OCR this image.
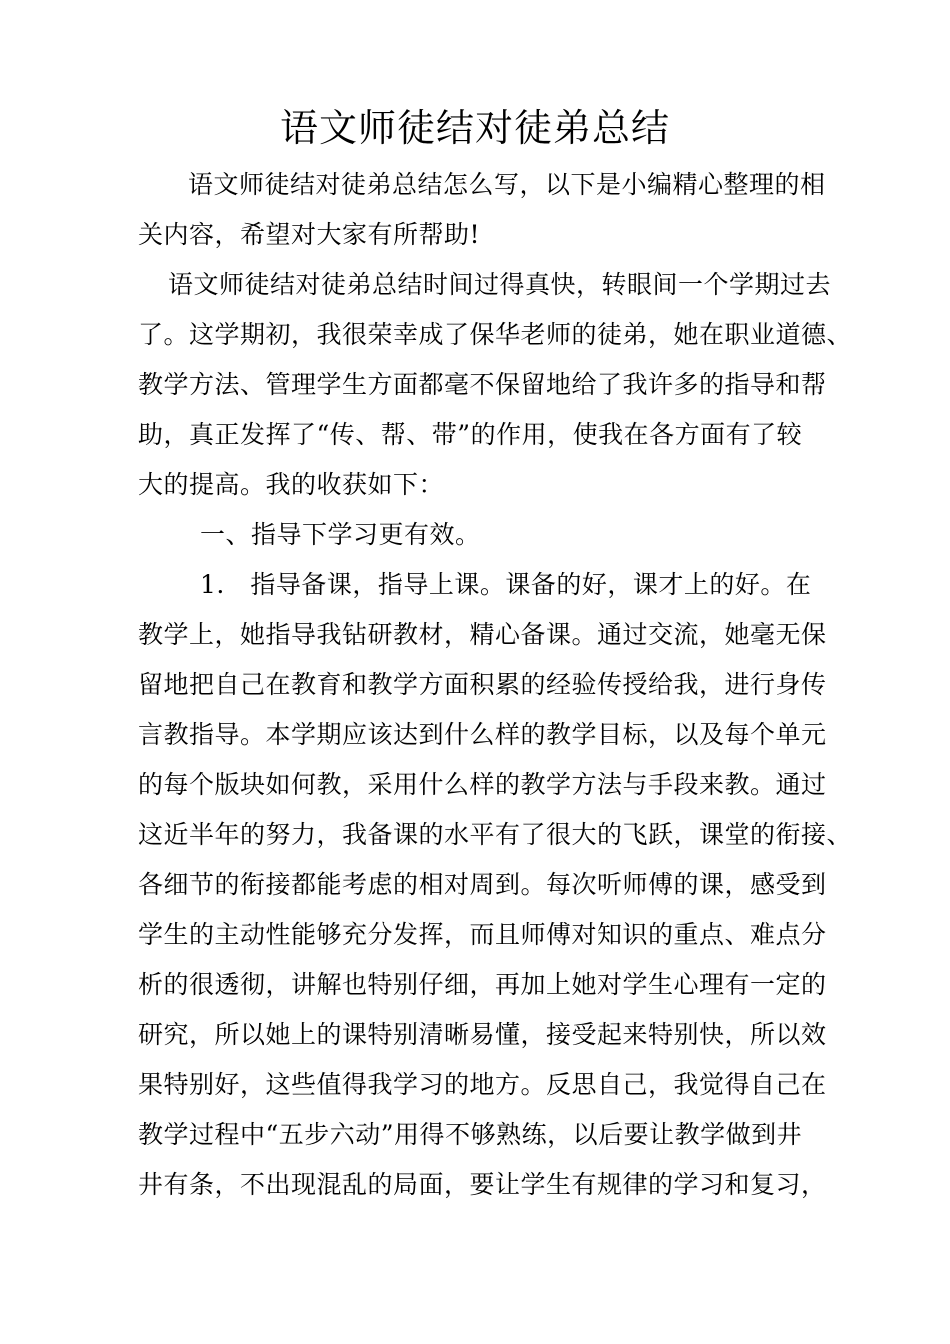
语文师徒结对徒弟总结
语文师徒结对徒弟总结怎么写，以下是小编精心整理的相
关内容，希望对大家有所帮助!
语文师徒结对徒弟总结时间过得真快，转眼间一个学期过去
了。这学期初，我很荣幸成了保华老师的徒弟，她在职业道德、
教学方法、管理学生方面都毫不保留地给了我许多的指导和帮
助，真正发挥了“传、帮、带”的作用，使我在各方面有了较
大的提高。我的收获如下：
一、指导下学习更有效。
1.　指导备课，指导上课。课备的好，课才上的好。在
教学上，她指导我钻研教材，精心备课。通过交流，她毫无保
留地把自己在教育和教学方面积累的经验传授给我，进行身传
言教指导。本学期应该达到什么样的教学目标，以及每个单元
的每个版块如何教，采用什么样的教学方法与手段来教。通过
这近半年的努力，我备课的水平有了很大的飞跃，课堂的衔接、
各细节的衔接都能考虑的相对周到。每次听师傅的课，感受到
学生的主动性能够充分发挥，而且师傅对知识的重点、难点分
析的很透彻，讲解也特别仔细，再加上她对学生心理有一定的
研究，所以她上的课特别清晰易懂，接受起来特别快，所以效
果特别好，这些值得我学习的地方。反思自己，我觉得自己在
教学过程中“五步六动”用得不够熟练，以后要让教学做到井
井有条，不出现混乱的局面，要让学生有规律的学习和复习，
